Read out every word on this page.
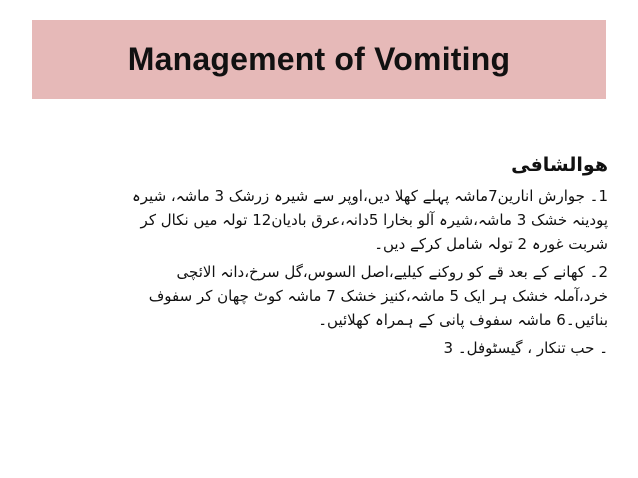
Management of Vomiting
هوالشافی
1۔ جوارش انارین7ماشہ پہلے کھلا دیں،اوپر سے شیرہ زرشک 3 ماشہ، شیرہ
پودینہ خشک 3 ماشہ،شیرہ آلو بخارا 5دانہ،عرق بادیان12 تولہ میں نکال کر
شربت غورہ 2 تولہ شامل کرکے دیں۔
2۔ کھانے کے بعد قے کو روکنے کیلیے،اصل السوس،گل سرخ،دانہ الائچی
خرد،آملہ خشک ہر ایک 5 ماشہ،کنیز خشک 7 ماشہ کوٹ چھان کر سفوف
بنائیں۔6 ماشہ سفوف پانی کے ہمراہ کھلائیں۔
۔ حب تنکار ، گیسٹوفل۔ 3
